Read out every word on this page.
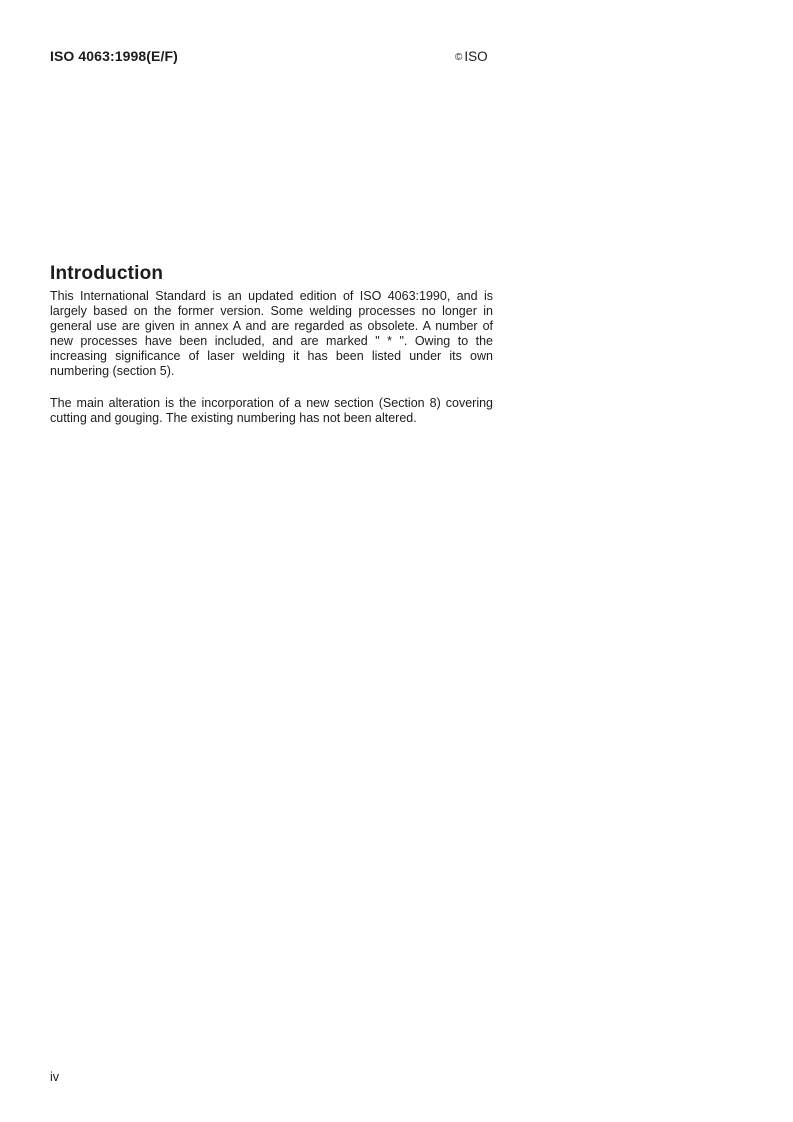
ISO 4063:1998(E/F)	© ISO
Introduction

This International Standard is an updated edition of ISO 4063:1990, and is largely based on the former version. Some welding processes no longer in general use are given in annex A and are regarded as obsolete. A number of new processes have been included, and are marked " * ". Owing to the increasing significance of laser welding it has been listed under its own numbering (section 5).

The main alteration is the incorporation of a new section (Section 8) covering cutting and gouging. The existing numbering has not been altered.

iv
